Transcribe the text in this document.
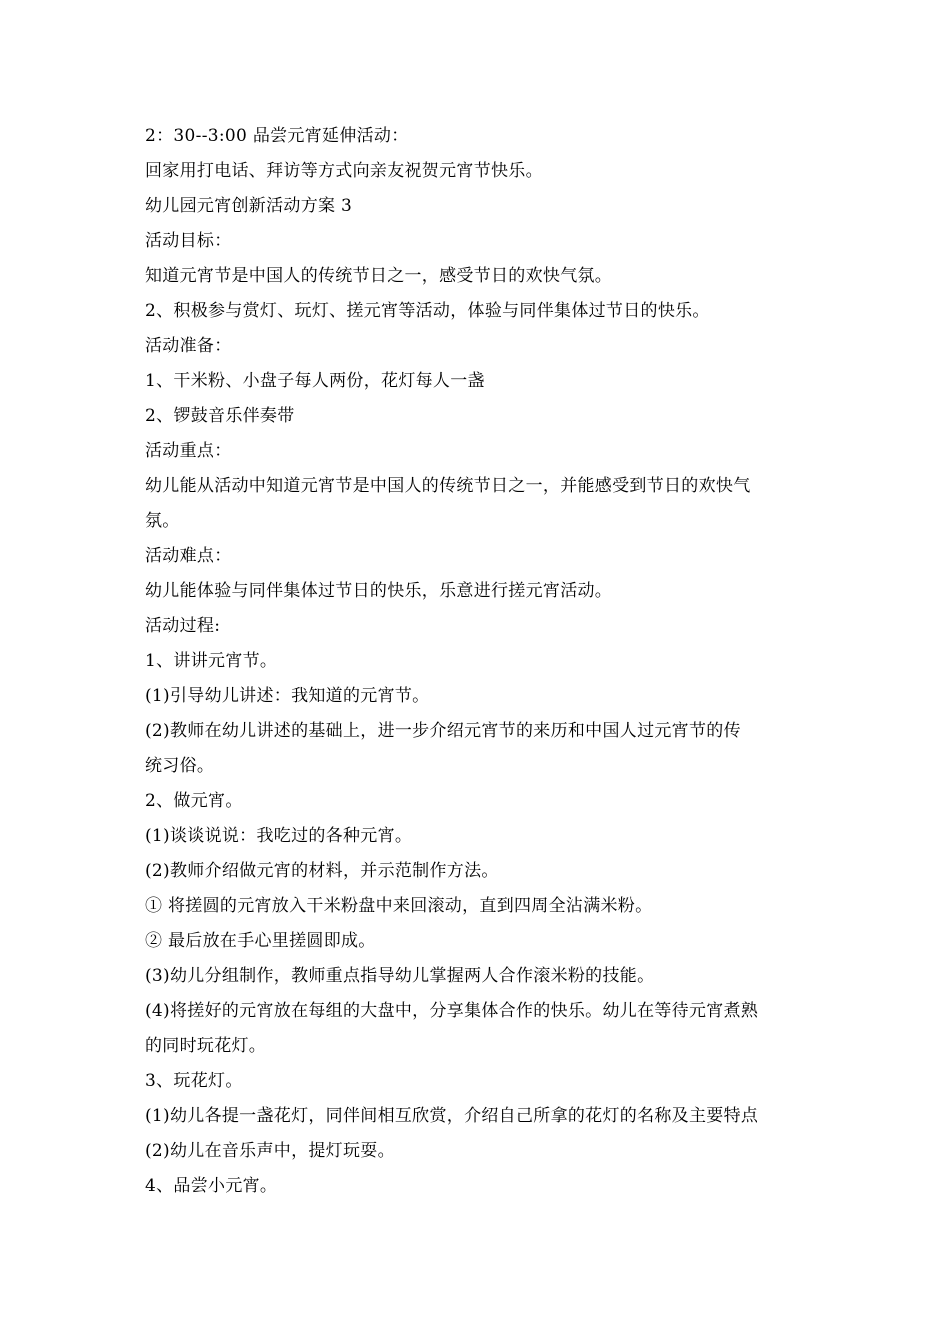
2：30--3:00 品尝元宵延伸活动：
回家用打电话、拜访等方式向亲友祝贺元宵节快乐。
幼儿园元宵创新活动方案 3
活动目标：
知道元宵节是中国人的传统节日之一，感受节日的欢快气氛。
2、积极参与赏灯、玩灯、搓元宵等活动，体验与同伴集体过节日的快乐。
活动准备：
1、干米粉、小盘子每人两份，花灯每人一盏
2、锣鼓音乐伴奏带
活动重点：
幼儿能从活动中知道元宵节是中国人的传统节日之一，并能感受到节日的欢快气
氛。
活动难点：
幼儿能体验与同伴集体过节日的快乐，乐意进行搓元宵活动。
活动过程:
1、讲讲元宵节。
(1)引导幼儿讲述：我知道的元宵节。
(2)教师在幼儿讲述的基础上，进一步介绍元宵节的来历和中国人过元宵节的传
统习俗。
2、做元宵。
(1)谈谈说说：我吃过的各种元宵。
(2)教师介绍做元宵的材料，并示范制作方法。
① 将搓圆的元宵放入干米粉盘中来回滚动，直到四周全沾满米粉。
② 最后放在手心里搓圆即成。
(3)幼儿分组制作，教师重点指导幼儿掌握两人合作滚米粉的技能。
(4)将搓好的元宵放在每组的大盘中，分享集体合作的快乐。幼儿在等待元宵煮熟
的同时玩花灯。
3、玩花灯。
(1)幼儿各提一盏花灯，同伴间相互欣赏，介绍自己所拿的花灯的名称及主要特点
(2)幼儿在音乐声中，提灯玩耍。
4、品尝小元宵。
